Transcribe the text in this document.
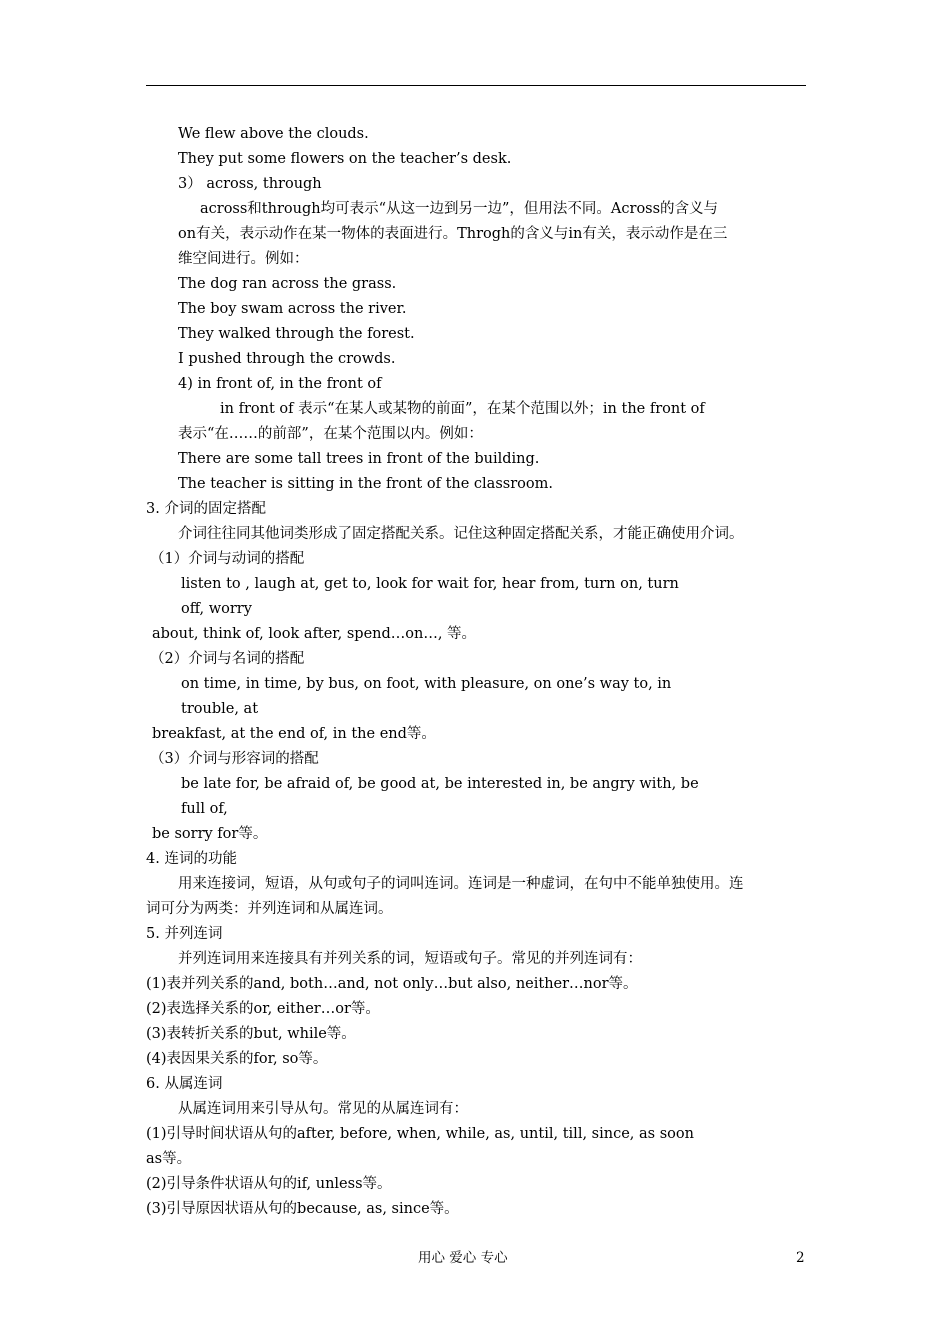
We flew above the clouds.
They put some flowers on the teacher’s desk.
3） across, through
across和through均可表示“从这一边到另一边”，但用法不同。Across的含义与
on有关，表示动作在某一物体的表面进行。Throgh的含义与in有关，表示动作是在三
维空间进行。例如：
The dog ran across the grass.
The boy swam across the river.
They walked through the forest.
I pushed through the crowds.
4) in front of, in the front of
in front of 表示“在某人或某物的前面”，在某个范围以外；in the front of
表示“在……的前部”，在某个范围以内。例如：
There are some tall trees in front of the building.
The teacher is sitting in the front of the classroom.
3. 介词的固定搭配
介词往往同其他词类形成了固定搭配关系。记住这种固定搭配关系，才能正确使用介词。
（1）介词与动词的搭配
listen to , laugh at, get to, look for wait for, hear from, turn on, turn
off, worry
about, think of, look after, spend…on…, 等。
（2）介词与名词的搭配
on time, in time, by bus, on foot, with pleasure, on one’s way to, in
trouble, at
breakfast, at the end of, in the end等。
（3）介词与形容词的搭配
be late for, be afraid of, be good at, be interested in, be angry with, be
full of,
be sorry for等。
4. 连词的功能
用来连接词，短语，从句或句子的词叫连词。连词是一种虚词，在句中不能单独使用。连
词可分为两类：并列连词和从属连词。
5. 并列连词
并列连词用来连接具有并列关系的词，短语或句子。常见的并列连词有：
(1)表并列关系的and, both…and, not only…but also, neither…nor等。
(2)表选择关系的or, either…or等。
(3)表转折关系的but, while等。
(4)表因果关系的for, so等。
6. 从属连词
从属连词用来引导从句。常见的从属连词有：
(1)引导时间状语从句的after, before, when, while, as, until, till, since, as soon
as等。
(2)引导条件状语从句的if, unless等。
(3)引导原因状语从句的because, as, since等。
用心 爱心 专心	2
